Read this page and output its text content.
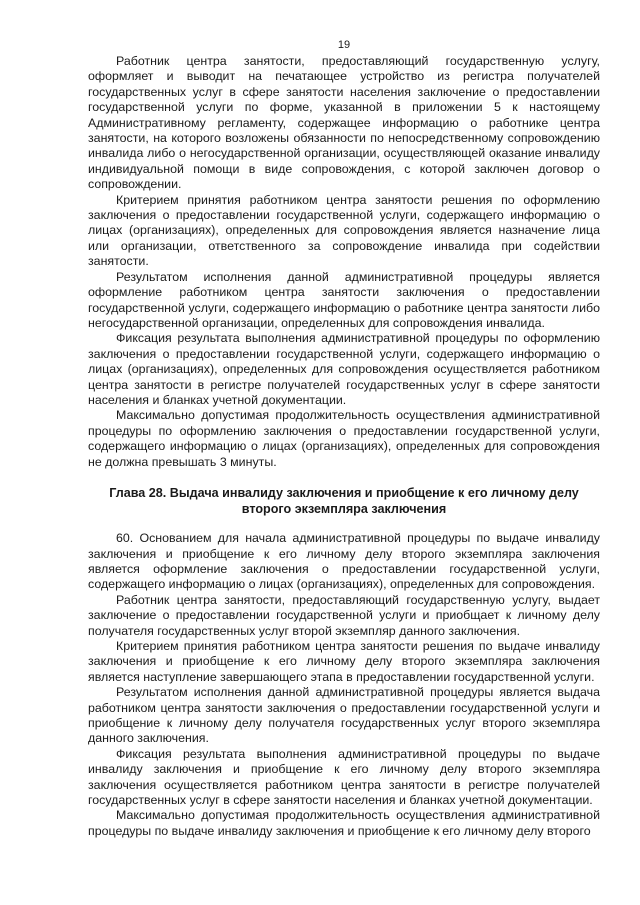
19

Работник центра занятости, предоставляющий государственную услугу, оформляет и выводит на печатающее устройство из регистра получателей государственных услуг в сфере занятости населения заключение о предоставлении государственной услуги по форме, указанной в приложении 5 к настоящему Административному регламенту, содержащее информацию о работнике центра занятости, на которого возложены обязанности по непосредственному сопровождению инвалида либо о негосударственной организации, осуществляющей оказание инвалиду индивидуальной помощи в виде сопровождения, с которой заключен договор о сопровождении.

Критерием принятия работником центра занятости решения по оформлению заключения о предоставлении государственной услуги, содержащего информацию о лицах (организациях), определенных для сопровождения является назначение лица или организации, ответственного за сопровождение инвалида при содействии занятости.

Результатом исполнения данной административной процедуры является оформление работником центра занятости заключения о предоставлении государственной услуги, содержащего информацию о работнике центра занятости либо негосударственной организации, определенных для сопровождения инвалида.

Фиксация результата выполнения административной процедуры по оформлению заключения о предоставлении государственной услуги, содержащего информацию о лицах (организациях), определенных для сопровождения осуществляется работником центра занятости в регистре получателей государственных услуг в сфере занятости населения и бланках учетной документации.

Максимально допустимая продолжительность осуществления административной процедуры по оформлению заключения о предоставлении государственной услуги, содержащего информацию о лицах (организациях), определенных для сопровождения не должна превышать 3 минуты.

Глава 28. Выдача инвалиду заключения и приобщение к его личному делу второго экземпляра заключения

60. Основанием для начала административной процедуры по выдаче инвалиду заключения и приобщение к его личному делу второго экземпляра заключения является оформление заключения о предоставлении государственной услуги, содержащего информацию о лицах (организациях), определенных для сопровождения.

Работник центра занятости, предоставляющий государственную услугу, выдает заключение о предоставлении государственной услуги и приобщает к личному делу получателя государственных услуг второй экземпляр данного заключения.

Критерием принятия работником центра занятости решения по выдаче инвалиду заключения и приобщение к его личному делу второго экземпляра заключения является наступление завершающего этапа в предоставлении государственной услуги.

Результатом исполнения данной административной процедуры является выдача работником центра занятости заключения о предоставлении государственной услуги и приобщение к личному делу получателя государственных услуг второго экземпляра данного заключения.

Фиксация результата выполнения административной процедуры по выдаче инвалиду заключения и приобщение к его личному делу второго экземпляра заключения осуществляется работником центра занятости в регистре получателей государственных услуг в сфере занятости населения и бланках учетной документации.

Максимально допустимая продолжительность осуществления административной процедуры по выдаче инвалиду заключения и приобщение к его личному делу второго
